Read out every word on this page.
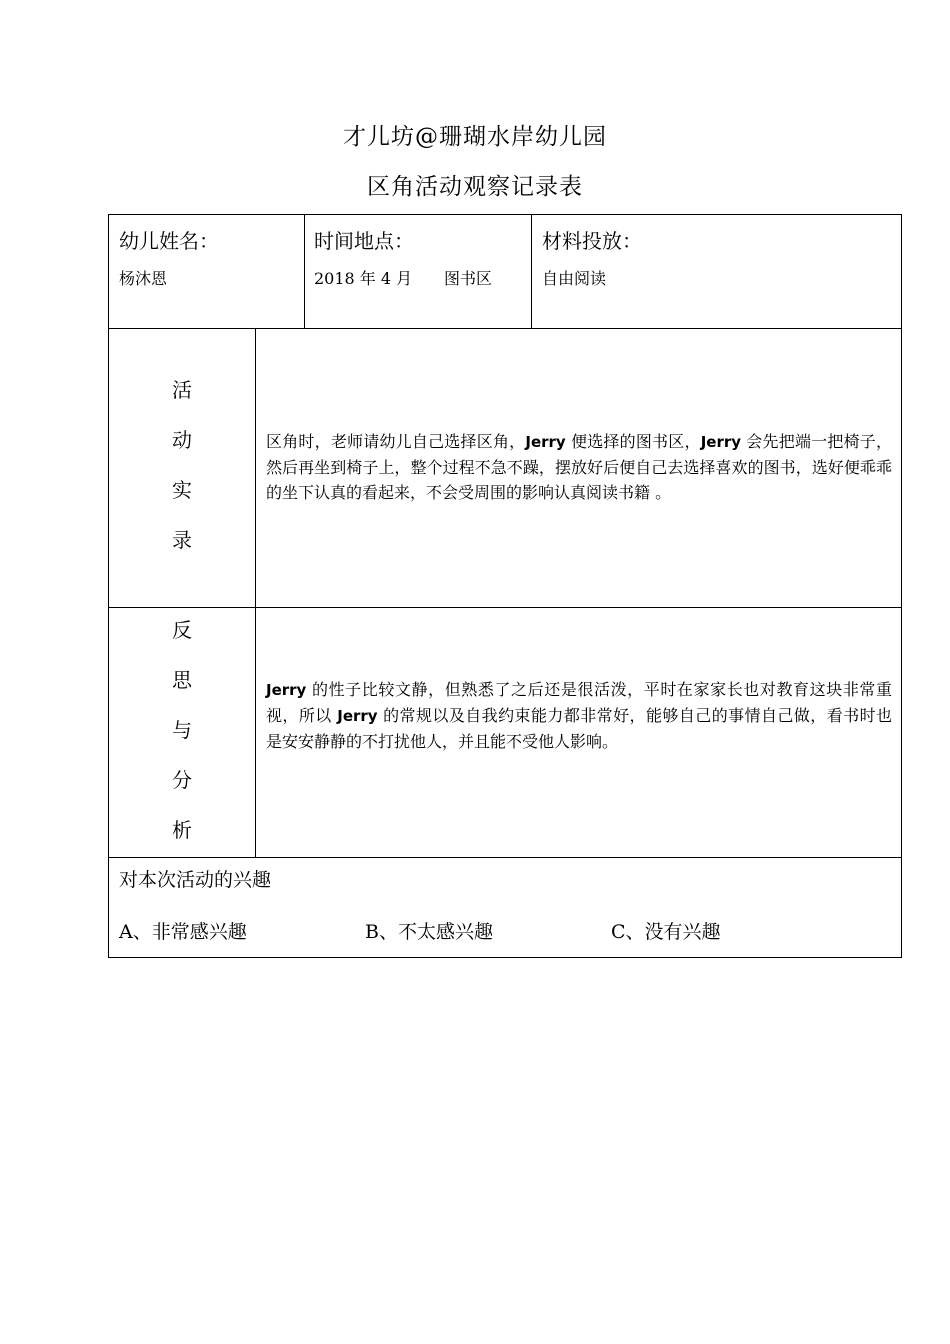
才儿坊@珊瑚水岸幼儿园
区角活动观察记录表
幼儿姓名：
杨沐恩
时间地点：
2018 年 4 月 图书区
材料投放：
自由阅读
活
动
实
录
区角时，老师请幼儿自己选择区角，Jerry 便选择的图书区，Jerry 会先把端一把椅子，然后再坐到椅子上，整个过程不急不躁，摆放好后便自己去选择喜欢的图书，选好便乖乖的坐下认真的看起来，不会受周围的影响认真阅读书籍 。
反
思
与
分
析
Jerry 的性子比较文静，但熟悉了之后还是很活泼，平时在家家长也对教育这块非常重视，所以 Jerry 的常规以及自我约束能力都非常好，能够自己的事情自己做，看书时也是安安静静的不打扰他人，并且能不受他人影响。
对本次活动的兴趣
A、非常感兴趣	B、不太感兴趣	C、没有兴趣
